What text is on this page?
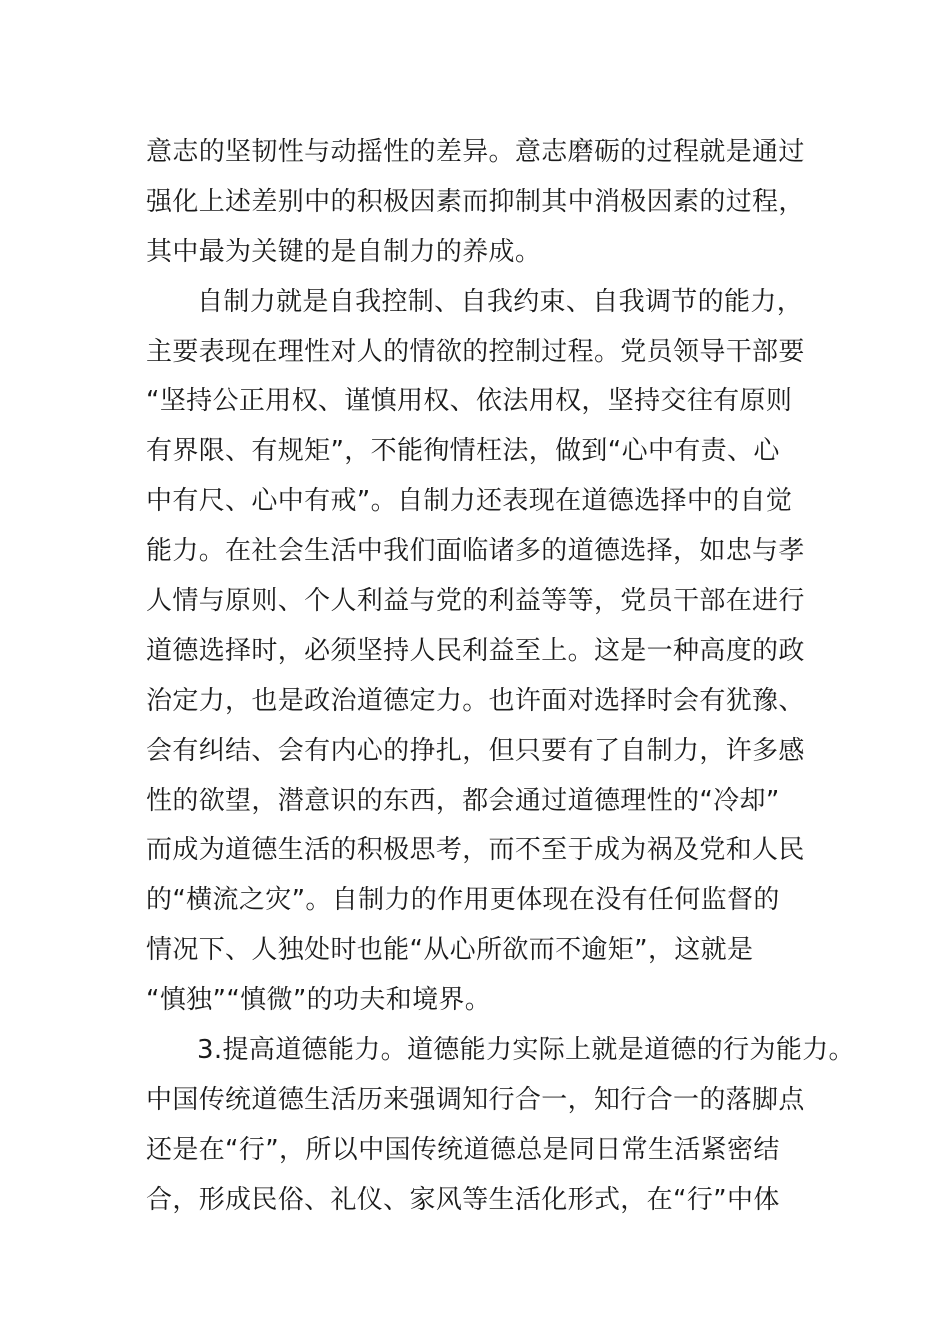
意志的坚韧性与动摇性的差异。意志磨砺的过程就是通过
强化上述差别中的积极因素而抑制其中消极因素的过程，
其中最为关键的是自制力的养成。
自制力就是自我控制、自我约束、自我调节的能力，
主要表现在理性对人的情欲的控制过程。党员领导干部要
“坚持公正用权、谨慎用权、依法用权，坚持交往有原则
有界限、有规矩”，不能徇情枉法，做到“心中有责、心
中有尺、心中有戒”。自制力还表现在道德选择中的自觉
能力。在社会生活中我们面临诸多的道德选择，如忠与孝
人情与原则、个人利益与党的利益等等，党员干部在进行
道德选择时，必须坚持人民利益至上。这是一种高度的政
治定力，也是政治道德定力。也许面对选择时会有犹豫、
会有纠结、会有内心的挣扎，但只要有了自制力，许多感
性的欲望，潜意识的东西，都会通过道德理性的“冷却”
而成为道德生活的积极思考，而不至于成为祸及党和人民
的“横流之灾”。自制力的作用更体现在没有任何监督的
情况下、人独处时也能“从心所欲而不逾矩”，这就是
“慎独”“慎微”的功夫和境界。
3.提高道德能力。道德能力实际上就是道德的行为能力。
中国传统道德生活历来强调知行合一，知行合一的落脚点
还是在“行”，所以中国传统道德总是同日常生活紧密结
合，形成民俗、礼仪、家风等生活化形式，在“行”中体
